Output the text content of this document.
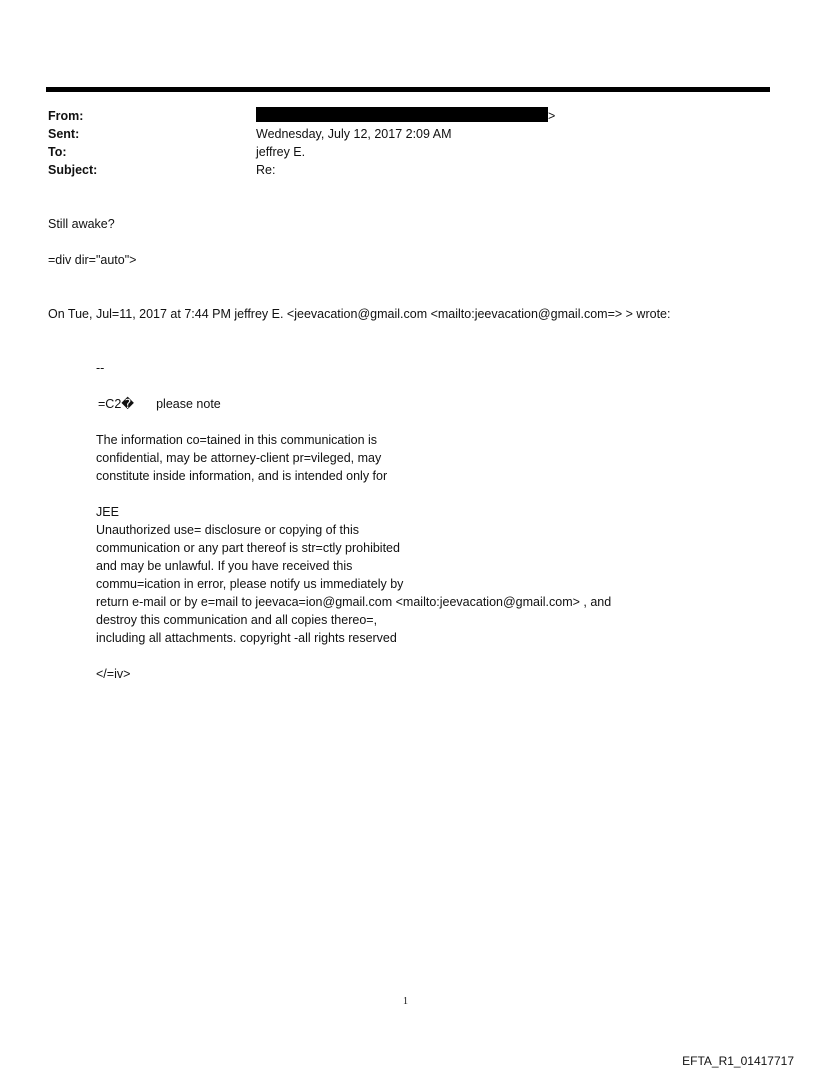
From:	>
Sent:	Wednesday, July 12, 2017 2:09 AM
To:	jeffrey E.
Subject:	Re:
Still awake?
=div dir="auto">
On Tue, Jul=11, 2017 at 7:44 PM jeffrey E. <jeevacation@gmail.com <mailto:jeevacation@gmail.com=> > wrote:
--
=C2� please note
The information co=tained in this communication is
confidential, may be attorney-client pr=vileged, may
constitute inside information, and is intended only for
JEE
Unauthorized use= disclosure or copying of this
communication or any part thereof is str=ctly prohibited
and may be unlawful. If you have received this
commu=ication in error, please notify us immediately by
return e-mail or by e=mail to jeevaca=ion@gmail.com <mailto:jeevacation@gmail.com> , and
destroy this communication and all copies thereo=,
including all attachments. copyright -all rights reserved
</=iv>
1
EFTA_R1_01417717
